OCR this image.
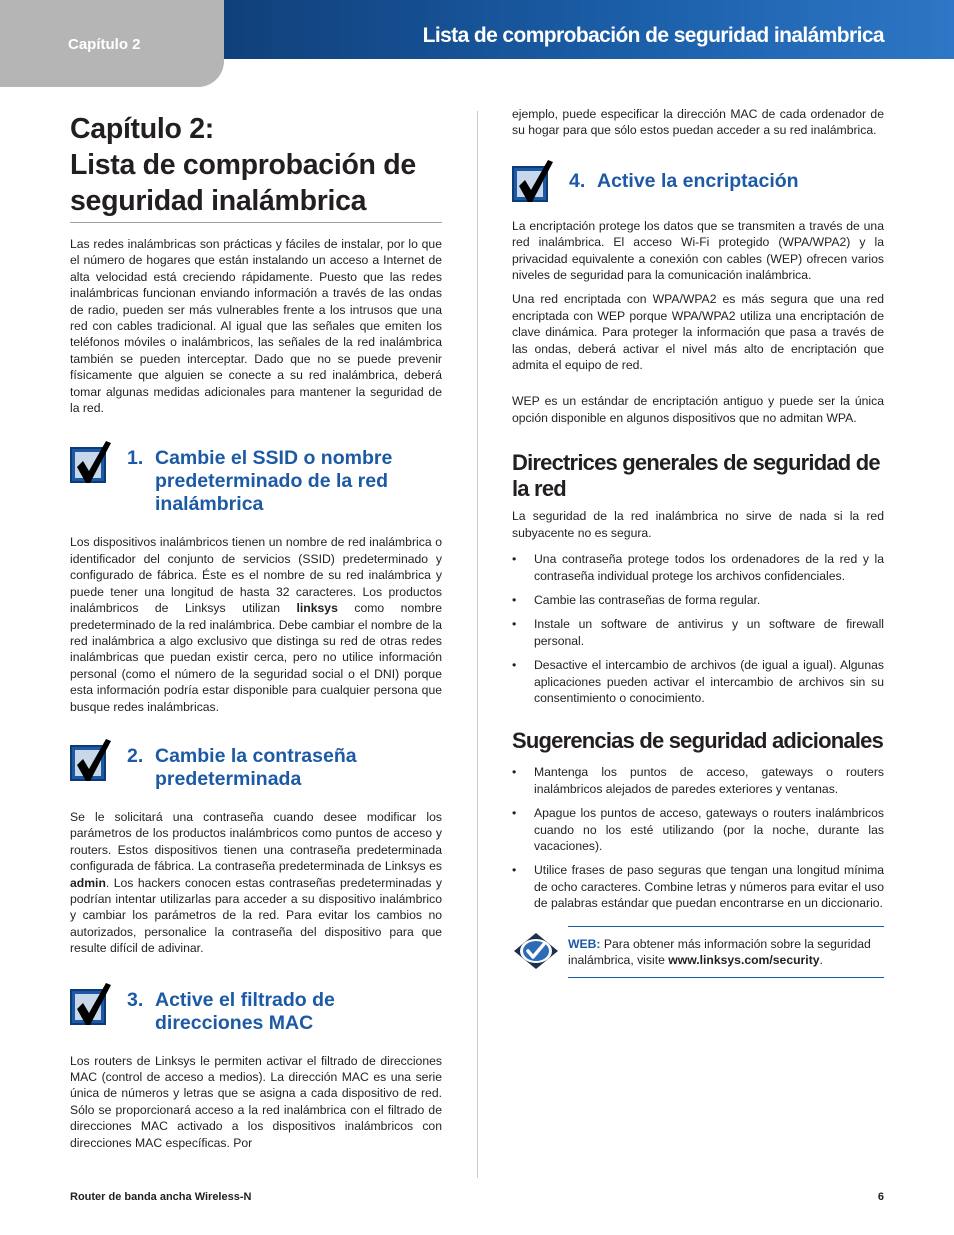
Capítulo 2	Lista de comprobación de seguridad inalámbrica
Capítulo 2:
Lista de comprobación de
seguridad inalámbrica

Las redes inalámbricas son prácticas y fáciles de instalar, por lo que el número de hogares que están instalando un acceso a Internet de alta velocidad está creciendo rápidamente. Puesto que las redes inalámbricas funcionan enviando información a través de las ondas de radio, pueden ser más vulnerables frente a los intrusos que una red con cables tradicional. Al igual que las señales que emiten los teléfonos móviles o inalámbricos, las señales de la red inalámbrica también se pueden interceptar. Dado que no se puede prevenir físicamente que alguien se conecte a su red inalámbrica, deberá tomar algunas medidas adicionales para mantener la seguridad de la red.

1. Cambie el SSID o nombre predeterminado de la red inalámbrica

Los dispositivos inalámbricos tienen un nombre de red inalámbrica o identificador del conjunto de servicios (SSID) predeterminado y configurado de fábrica. Éste es el nombre de su red inalámbrica y puede tener una longitud de hasta 32 caracteres. Los productos inalámbricos de Linksys utilizan linksys como nombre predeterminado de la red inalámbrica. Debe cambiar el nombre de la red inalámbrica a algo exclusivo que distinga su red de otras redes inalámbricas que puedan existir cerca, pero no utilice información personal (como el número de la seguridad social o el DNI) porque esta información podría estar disponible para cualquier persona que busque redes inalámbricas.

2. Cambie la contraseña predeterminada

Se le solicitará una contraseña cuando desee modificar los parámetros de los productos inalámbricos como puntos de acceso y routers. Estos dispositivos tienen una contraseña predeterminada configurada de fábrica. La contraseña predeterminada de Linksys es admin. Los hackers conocen estas contraseñas predeterminadas y podrían intentar utilizarlas para acceder a su dispositivo inalámbrico y cambiar los parámetros de la red. Para evitar los cambios no autorizados, personalice la contraseña del dispositivo para que resulte difícil de adivinar.

3. Active el filtrado de direcciones MAC

Los routers de Linksys le permiten activar el filtrado de direcciones MAC (control de acceso a medios). La dirección MAC es una serie única de números y letras que se asigna a cada dispositivo de red. Sólo se proporcionará acceso a la red inalámbrica con el filtrado de direcciones MAC activado a los dispositivos inalámbricos con direcciones MAC específicas. Por

ejemplo, puede especificar la dirección MAC de cada ordenador de su hogar para que sólo estos puedan acceder a su red inalámbrica.

4. Active la encriptación

La encriptación protege los datos que se transmiten a través de una red inalámbrica. El acceso Wi-Fi protegido (WPA/WPA2) y la privacidad equivalente a conexión con cables (WEP) ofrecen varios niveles de seguridad para la comunicación inalámbrica.

Una red encriptada con WPA/WPA2 es más segura que una red encriptada con WEP porque WPA/WPA2 utiliza una encriptación de clave dinámica. Para proteger la información que pasa a través de las ondas, deberá activar el nivel más alto de encriptación que admita el equipo de red.

WEP es un estándar de encriptación antiguo y puede ser la única opción disponible en algunos dispositivos que no admitan WPA.

Directrices generales de seguridad de la red

La seguridad de la red inalámbrica no sirve de nada si la red subyacente no es segura.

• Una contraseña protege todos los ordenadores de la red y la contraseña individual protege los archivos confidenciales.
• Cambie las contraseñas de forma regular.
• Instale un software de antivirus y un software de firewall personal.
• Desactive el intercambio de archivos (de igual a igual). Algunas aplicaciones pueden activar el intercambio de archivos sin su consentimiento o conocimiento.
Sugerencias de seguridad adicionales
• Mantenga los puntos de acceso, gateways o routers inalámbricos alejados de paredes exteriores y ventanas.
• Apague los puntos de acceso, gateways o routers inalámbricos cuando no los esté utilizando (por la noche, durante las vacaciones).
• Utilice frases de paso seguras que tengan una longitud mínima de ocho caracteres. Combine letras y números para evitar el uso de palabras estándar que puedan encontrarse en un diccionario.
WEB: Para obtener más información sobre la seguridad inalámbrica, visite www.linksys.com/security.
Router de banda ancha Wireless-N	6
